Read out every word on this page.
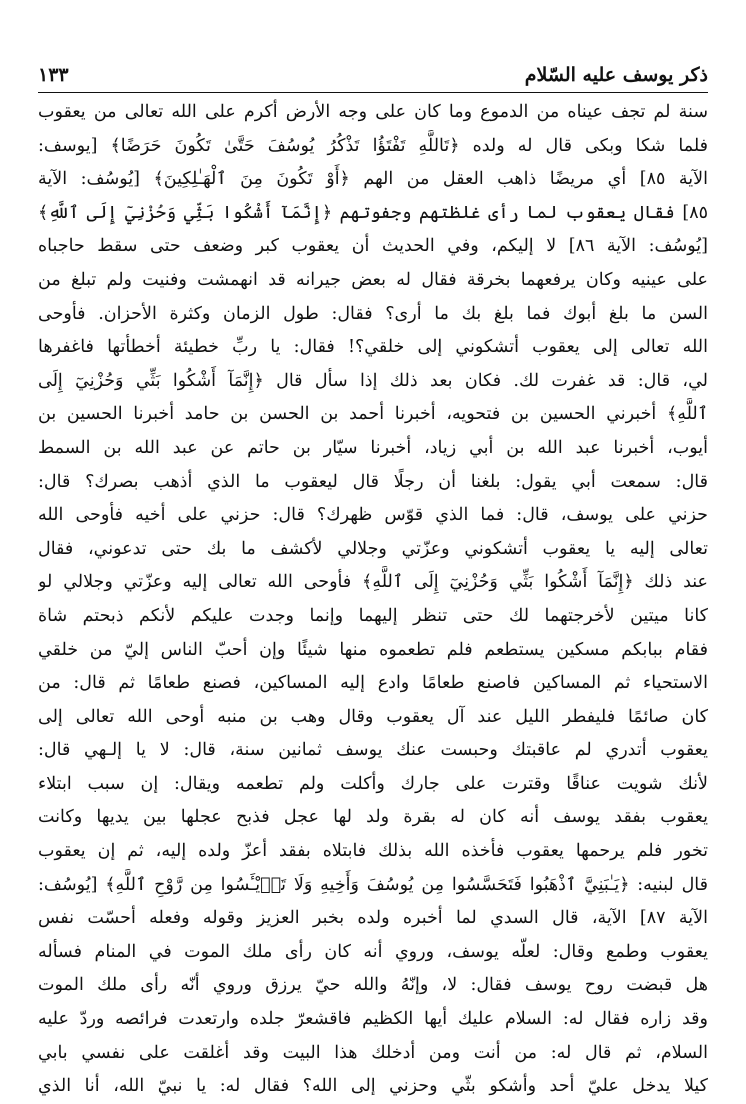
ذكر يوسف عليه السّلام
١٣٣
سنة لم تجف عيناه من الدموع وما كان على وجه الأرض أكرم على الله تعالى من يعقوب
فلما شكا وبكى قال له ولده ﴿تَاللَّهِ تَفْتَؤُا تَذْكُرُ يُوسُفَ حَتَّىٰ تَكُونَ حَرَضًا﴾ [يوسف:
الآية ٨٥] أي مريضًا ذاهب العقل من الهم ﴿أَوْ تَكُونَ مِنَ ٱلْهَـٰلِكِينَ﴾ [يُوسُف: الآية
٨٥] فقال يعقوب لما رأى غلظتهم وجفوتهم ﴿إِنَّمَآ أَشْكُوا بَثِّي وَحُزْنِيٓ إِلَى ٱللَّهِ﴾
[يُوسُف: الآية ٨٦] لا إليكم، وفي الحديث أن يعقوب كبر وضعف حتى سقط حاجباه
على عينيه وكان يرفعهما بخرقة فقال له بعض جيرانه قد انهمشت وفنيت ولم تبلغ من
السن ما بلغ أبوك فما بلغ بك ما أرى؟ فقال: طول الزمان وكثرة الأحزان. فأوحى
الله تعالى إلى يعقوب أتشكوني إلى خلقي؟! فقال: يا ربِّ خطيئة أخطأتها فاغفرها
لي، قال: قد غفرت لك. فكان بعد ذلك إذا سأل قال ﴿إِنَّمَآ أَشْكُوا بَثِّي وَحُزْنِيٓ إِلَى
ٱللَّهِ﴾ أخبرني الحسين بن فتحويه، أخبرنا أحمد بن الحسن بن حامد أخبرنا الحسين بن
أيوب، أخبرنا عبد الله بن أبي زياد، أخبرنا سيّار بن حاتم عن عبد الله بن السمط
قال: سمعت أبي يقول: بلغنا أن رجلًا قال ليعقوب ما الذي أذهب بصرك؟ قال:
حزني على يوسف، قال: فما الذي قوّس ظهرك؟ قال: حزني على أخيه فأوحى الله
تعالى إليه يا يعقوب أتشكوني وعزّتي وجلالي لأكشف ما بك حتى تدعوني، فقال
عند ذلك ﴿إِنَّمَآ أَشْكُوا بَثِّي وَحُزْنِيٓ إِلَى ٱللَّهِ﴾ فأوحى الله تعالى إليه وعزّتي وجلالي لو
كانا ميتين لأخرجتهما لك حتى تنظر إليهما وإنما وجدت عليكم لأنكم ذبحتم شاة
فقام ببابكم مسكين يستطعم فلم تطعموه منها شيئًا وإن أحبّ الناس إليّ من خلقي
الاستحياء ثم المساكين فاصنع طعامًا وادع إليه المساكين، فصنع طعامًا ثم قال: من
كان صائمًا فليفطر الليل عند آل يعقوب وقال وهب بن منبه أوحى الله تعالى إلى
يعقوب أتدري لم عاقبتك وحبست عنك يوسف ثمانين سنة، قال: لا يا إلـهي قال:
لأنك شويت عناقًا وقترت على جارك وأكلت ولم تطعمه ويقال: إن سبب ابتلاء
يعقوب بفقد يوسف أنه كان له بقرة ولد لها عجل فذبح عجلها بين يديها وكانت
تخور فلم يرحمها يعقوب فأخذه الله بذلك فابتلاه بفقد أعزّ ولده إليه، ثم إن يعقوب
قال لبنيه: ﴿يَـٰبَنِيَّ ٱذْهَبُوا فَتَحَسَّسُوا مِن يُوسُفَ وَأَخِيهِ وَلَا تَا۟يْـَٔسُوا مِن رَّوْحِ ٱللَّهِ﴾ [يُوسُف:
الآية ٨٧] الآية، قال السدي لما أخبره ولده بخبر العزيز وقوله وفعله أحسّت نفس
يعقوب وطمع وقال: لعلّه يوسف، وروي أنه كان رأى ملك الموت في المنام فسأله
هل قبضت روح يوسف فقال: لا، وإنّهُ والله حيّ يرزق وروي أنّه رأى ملك الموت
وقد زاره فقال له: السلام عليك أيها الكظيم فاقشعرّ جلده وارتعدت فرائصه وردّ عليه
السلام، ثم قال له: من أنت ومن أدخلك هذا البيت وقد أغلقت على نفسي بابي
كيلا يدخل عليّ أحد وأشكو بثّي وحزني إلى الله؟ فقال له: يا نبيّ الله، أنا الذي
